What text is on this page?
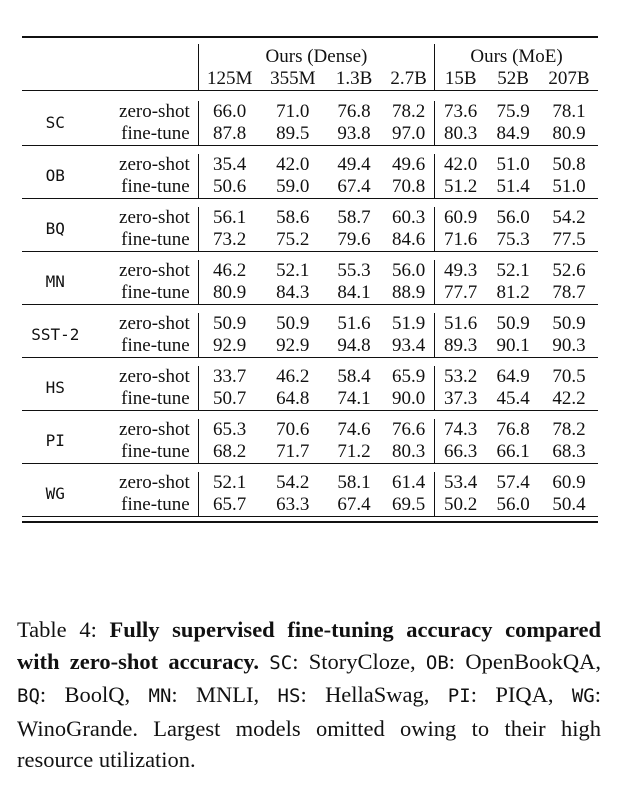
		Ours (Dense)				Ours (MoE)		
		125M	355M	1.3B	2.7B	15B	52B	207B

SC	zero-shot	66.0	71.0	76.8	78.2	73.6	75.9	78.1
	fine-tune	87.8	89.5	93.8	97.0	80.3	84.9	80.9

OB	zero-shot	35.4	42.0	49.4	49.6	42.0	51.0	50.8
	fine-tune	50.6	59.0	67.4	70.8	51.2	51.4	51.0

BQ	zero-shot	56.1	58.6	58.7	60.3	60.9	56.0	54.2
	fine-tune	73.2	75.2	79.6	84.6	71.6	75.3	77.5

MN	zero-shot	46.2	52.1	55.3	56.0	49.3	52.1	52.6
	fine-tune	80.9	84.3	84.1	88.9	77.7	81.2	78.7

SST-2	zero-shot	50.9	50.9	51.6	51.9	51.6	50.9	50.9
	fine-tune	92.9	92.9	94.8	93.4	89.3	90.1	90.3

HS	zero-shot	33.7	46.2	58.4	65.9	53.2	64.9	70.5
	fine-tune	50.7	64.8	74.1	90.0	37.3	45.4	42.2

PI	zero-shot	65.3	70.6	74.6	76.6	74.3	76.8	78.2
	fine-tune	68.2	71.7	71.2	80.3	66.3	66.1	68.3

WG	zero-shot	52.1	54.2	58.1	61.4	53.4	57.4	60.9
	fine-tune	65.7	63.3	67.4	69.5	50.2	56.0	50.4

Table 4: Fully supervised fine-tuning accuracy compared with zero-shot accuracy. SC: StoryCloze, OB: OpenBookQA, BQ: BoolQ, MN: MNLI, HS: HellaSwag, PI: PIQA, WG: WinoGrande. Largest models omitted owing to their high resource utilization.
